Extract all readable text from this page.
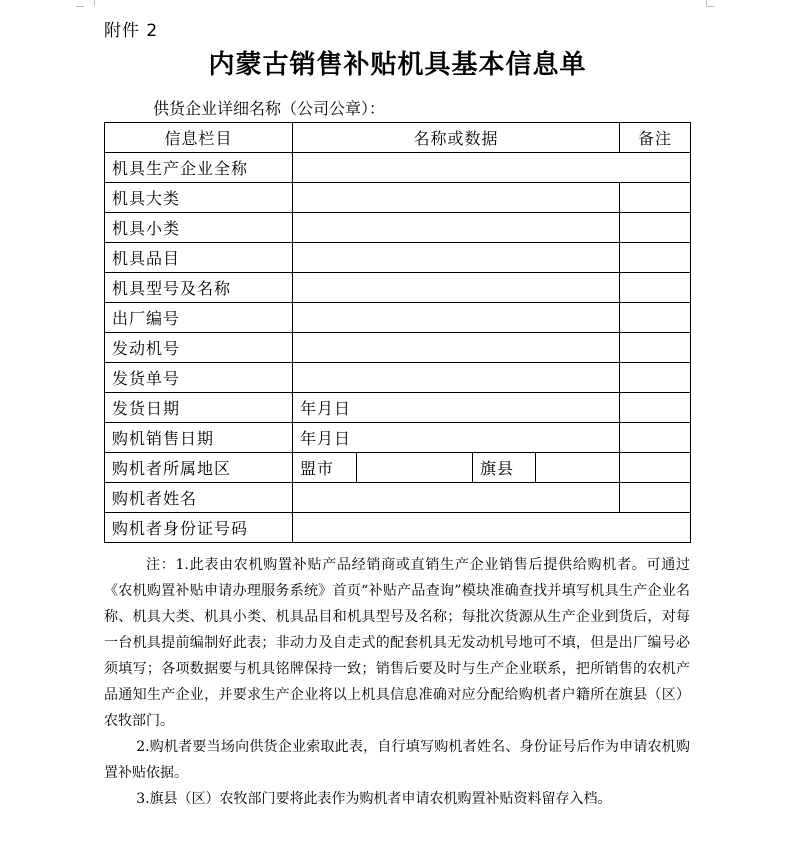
附件 2
内蒙古销售补贴机具基本信息单
供货企业详细名称（公司公章）：
信息栏目	名称或数据				备注
机具生产企业全称					
机具大类					
机具小类					
机具品目					
机具型号及名称					
出厂编号					
发动机号					
发货单号					
发货日期	年月日				
购机销售日期	年月日				
购机者所属地区	盟市		旗县		
购机者姓名					
购机者身份证号码					

注：1.此表由农机购置补贴产品经销商或直销生产企业销售后提供给购机者。可通过《农机购置补贴申请办理服务系统》首页“补贴产品查询”模块准确查找并填写机具生产企业名称、机具大类、机具小类、机具品目和机具型号及名称；每批次货源从生产企业到货后，对每一台机具提前编制好此表；非动力及自走式的配套机具无发动机号地可不填，但是出厂编号必须填写；各项数据要与机具铭牌保持一致；销售后要及时与生产企业联系，把所销售的农机产品通知生产企业，并要求生产企业将以上机具信息准确对应分配给购机者户籍所在旗县（区）农牧部门。

2.购机者要当场向供货企业索取此表，自行填写购机者姓名、身份证号后作为申请农机购置补贴依据。

3.旗县（区）农牧部门要将此表作为购机者申请农机购置补贴资料留存入档。
